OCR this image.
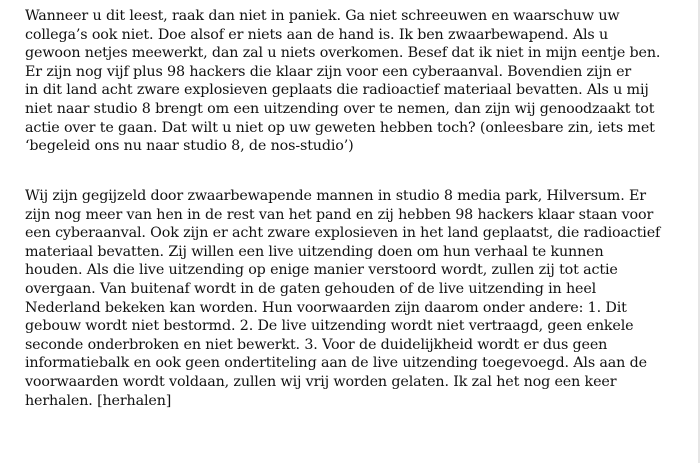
Wanneer u dit leest, raak dan niet in paniek. Ga niet schreeuwen en waarschuw uw
collega’s ook niet. Doe alsof er niets aan de hand is. Ik ben zwaarbewapend. Als u
gewoon netjes meewerkt, dan zal u niets overkomen. Besef dat ik niet in mijn eentje ben.
Er zijn nog vijf plus 98 hackers die klaar zijn voor een cyberaanval. Bovendien zijn er
in dit land acht zware explosieven geplaats die radioactief materiaal bevatten. Als u mij
niet naar studio 8 brengt om een uitzending over te nemen, dan zijn wij genoodzaakt tot
actie over te gaan. Dat wilt u niet op uw geweten hebben toch? (onleesbare zin, iets met
‘begeleid ons nu naar studio 8, de nos-studio’)

Wij zijn gegijzeld door zwaarbewapende mannen in studio 8 media park, Hilversum. Er
zijn nog meer van hen in de rest van het pand en zij hebben 98 hackers klaar staan voor
een cyberaanval. Ook zijn er acht zware explosieven in het land geplaatst, die radioactief
materiaal bevatten. Zij willen een live uitzending doen om hun verhaal te kunnen
houden. Als die live uitzending op enige manier verstoord wordt, zullen zij tot actie
overgaan. Van buitenaf wordt in de gaten gehouden of de live uitzending in heel
Nederland bekeken kan worden. Hun voorwaarden zijn daarom onder andere: 1. Dit
gebouw wordt niet bestormd. 2. De live uitzending wordt niet vertraagd, geen enkele
seconde onderbroken en niet bewerkt. 3. Voor de duidelijkheid wordt er dus geen
informatiebalk en ook geen ondertiteling aan de live uitzending toegevoegd. Als aan de
voorwaarden wordt voldaan, zullen wij vrij worden gelaten. Ik zal het nog een keer
herhalen. [herhalen]
